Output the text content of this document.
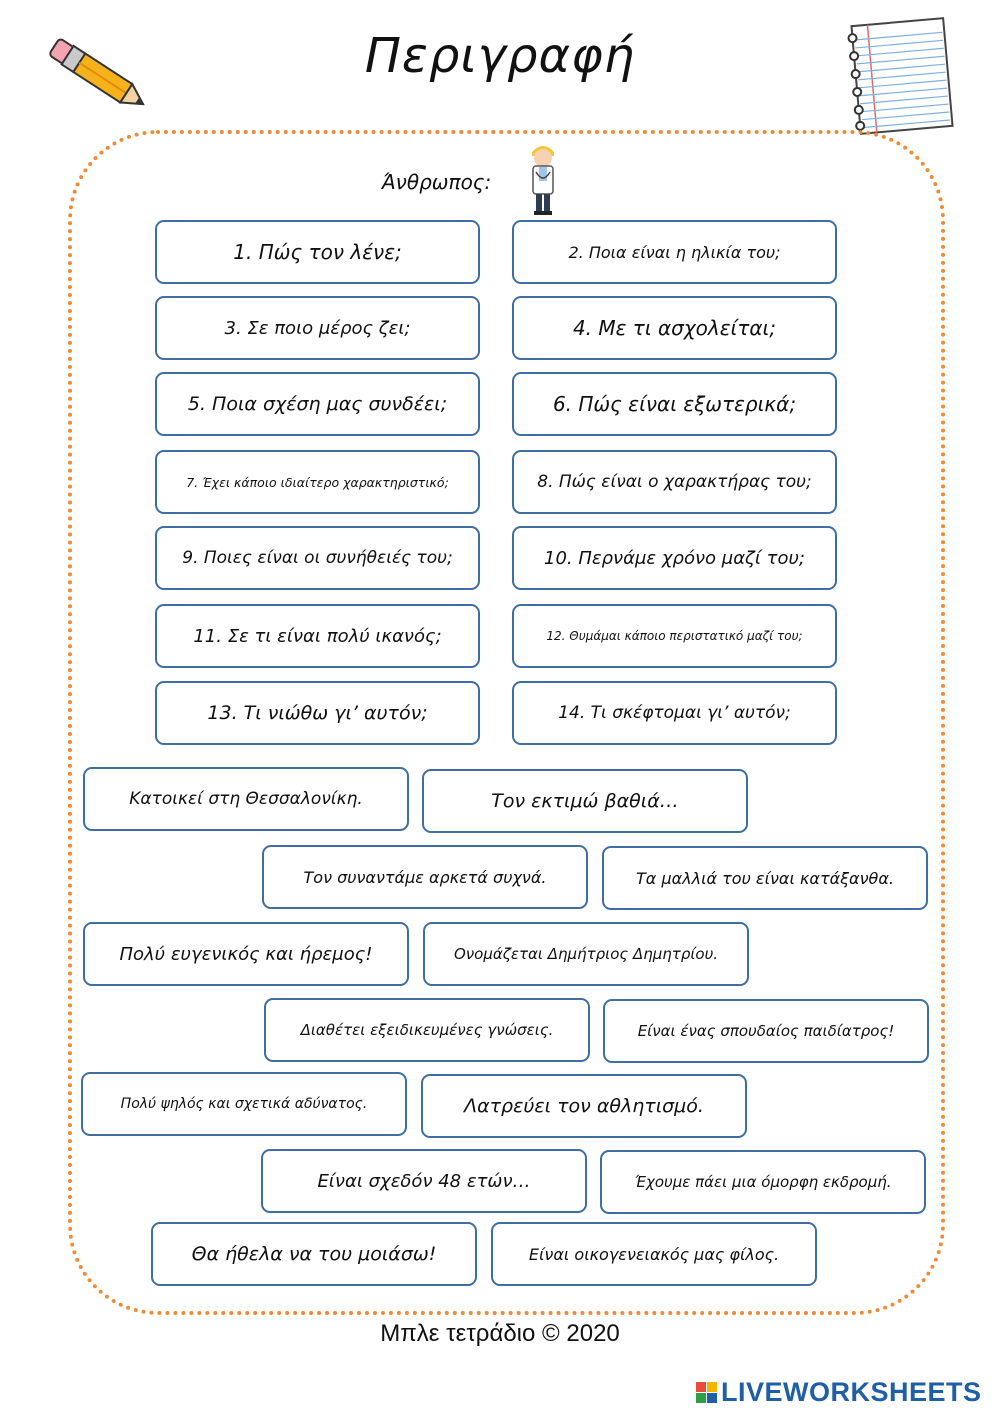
Περιγραφή
Άνθρωπος:
1. Πώς τον λένε;	2. Ποια είναι η ηλικία του;
3. Σε ποιο μέρος ζει;	4. Με τι ασχολείται;
5. Ποια σχέση μας συνδέει;	6. Πώς είναι εξωτερικά;
7. Έχει κάποιο ιδιαίτερο χαρακτηριστικό;	8. Πώς είναι ο χαρακτήρας του;
9. Ποιες είναι οι συνήθειές του;	10. Περνάμε χρόνο μαζί του;
11. Σε τι είναι πολύ ικανός;	12. Θυμάμαι κάποιο περιστατικό μαζί του;
13. Τι νιώθω γι’ αυτόν;	14. Τι σκέφτομαι γι’ αυτόν;
Κατοικεί στη Θεσσαλονίκη.	Τον εκτιμώ βαθιά…
Τον συναντάμε αρκετά συχνά.	Τα μαλλιά του είναι κατάξανθα.
Πολύ ευγενικός και ήρεμος!	Ονομάζεται Δημήτριος Δημητρίου.
Διαθέτει εξειδικευμένες γνώσεις.	Είναι ένας σπουδαίος παιδίατρος!
Πολύ ψηλός και σχετικά αδύνατος.	Λατρεύει τον αθλητισμό.
Είναι σχεδόν 48 ετών…	Έχουμε πάει μια όμορφη εκδρομή.
Θα ήθελα να του μοιάσω!	Είναι οικογενειακός μας φίλος.
Μπλε τετράδιο © 2020
LIVEWORKSHEETS
